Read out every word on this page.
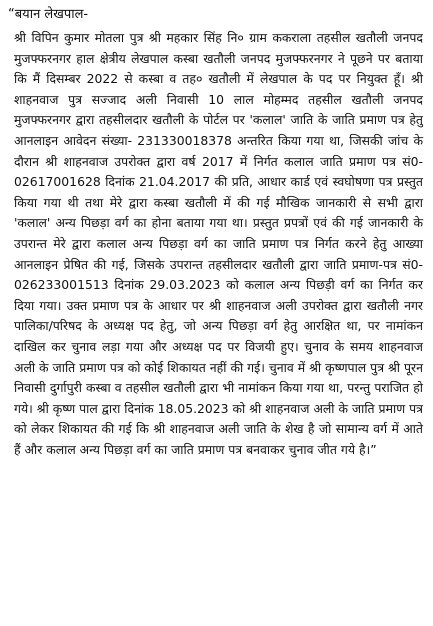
“बयान लेखपाल-

श्री विपिन कुमार मोतला पुत्र श्री महकार सिंह नि० ग्राम ककराला तहसील खतौली जनपद मुजफ्फरनगर हाल क्षेत्रीय लेखपाल कस्बा खतौली जनपद मुजफ्फरनगर ने पूछने पर बताया कि मैं दिसम्बर 2022 से कस्बा व तह० खतौली में लेखपाल के पद पर नियुक्त हूँ। श्री शाहनवाज पुत्र सज्जाद अली निवासी 10 लाल मोहम्मद तहसील खतौली जनपद मुजफ्फरनगर द्वारा तहसीलदार खतौली के पोर्टल पर 'कलाल' जाति के जाति प्रमाण पत्र हेतु आनलाइन आवेदन संख्या- 231330018378 अन्तरित किया गया था, जिसकी जांच के दौरान श्री शाहनवाज उपरोक्त द्वारा वर्ष 2017 में निर्गत कलाल जाति प्रमाण पत्र सं0-02617001628 दिनांक 21.04.2017 की प्रति, आधार कार्ड एवं स्वघोषणा पत्र प्रस्तुत किया गया थी तथा मेरे द्वारा कस्बा खतौली में की गई मौखिक जानकारी से सभी द्वारा 'कलाल' अन्य पिछड़ा वर्ग का होना बताया गया था। प्रस्तुत प्रपत्रों एवं की गई जानकारी के उपरान्त मेरे द्वारा कलाल अन्य पिछड़ा वर्ग का जाति प्रमाण पत्र निर्गत करने हेतु आख्या आनलाइन प्रेषित की गई, जिसके उपरान्त तहसीलदार खतौली द्वारा जाति प्रमाण-पत्र सं0- 026233001513 दिनांक 29.03.2023 को कलाल अन्य पिछड़ी वर्ग का निर्गत कर दिया गया। उक्त प्रमाण पत्र के आधार पर श्री शाहनवाज अली उपरोक्त द्वारा खतौली नगर पालिका/परिषद के अध्यक्ष पद हेतु, जो अन्य पिछड़ा वर्ग हेतु आरक्षित था, पर नामांकन दाखिल कर चुनाव लड़ा गया और अध्यक्ष पद पर विजयी हुए। चुनाव के समय शाहनवाज अली के जाति प्रमाण पत्र को कोई शिकायत नहीं की गई। चुनाव में श्री कृष्णपाल पुत्र श्री पूरन निवासी दुर्गापुरी कस्बा व तहसील खतौली द्वारा भी नामांकन किया गया था, परन्तु पराजित हो गये। श्री कृष्ण पाल द्वारा दिनांक 18.05.2023 को श्री शाहनवाज अली के जाति प्रमाण पत्र को लेकर शिकायत की गई कि श्री शाहनवाज अली जाति के शेख है जो सामान्य वर्ग में आते हैं और कलाल अन्य पिछड़ा वर्ग का जाति प्रमाण पत्र बनवाकर चुनाव जीत गये है।”
